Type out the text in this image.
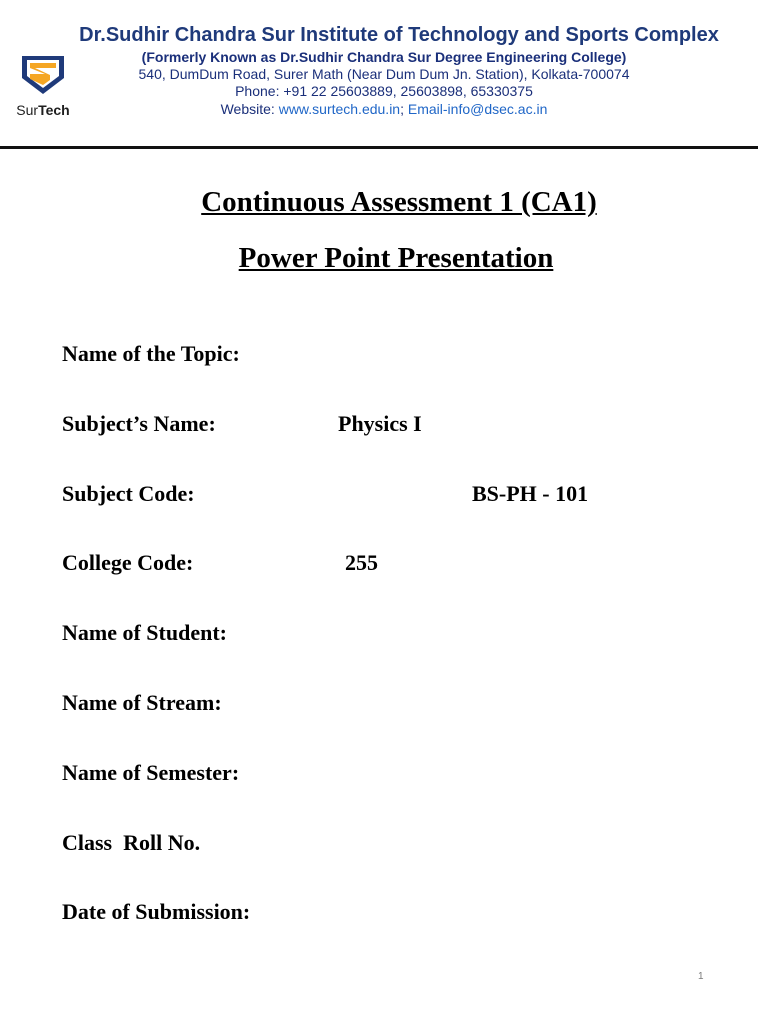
SurTech
Dr.Sudhir Chandra Sur Institute of Technology and Sports Complex
(Formerly Known as Dr.Sudhir Chandra Sur Degree Engineering College)
540, DumDum Road, Surer Math (Near Dum Dum Jn. Station), Kolkata-700074
Phone: +91 22 25603889, 25603898, 65330375
Website: www.surtech.edu.in; Email-info@dsec.ac.in
Continuous Assessment 1 (CA1)
Power Point Presentation
Name of the Topic:
Subject’s Name:	Physics I
Subject Code:	BS-PH - 101
College Code:	255
Name of Student:
Name of Stream:
Name of Semester:
Class  Roll No.
Date of Submission:
1
